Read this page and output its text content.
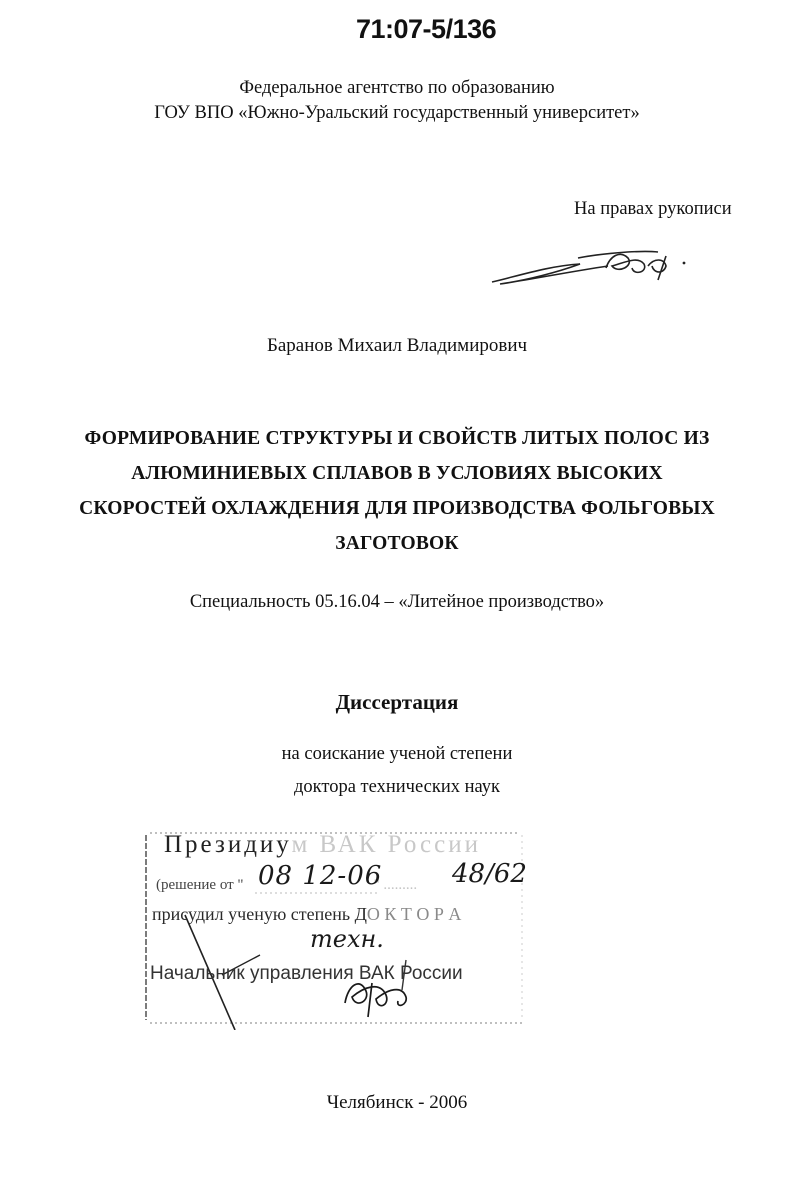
71:07-5/136
Федеральное агентство по образованию
ГОУ ВПО «Южно-Уральский государственный университет»
На правах рукописи
Баранов Михаил Владимирович
ФОРМИРОВАНИЕ СТРУКТУРЫ И СВОЙСТВ ЛИТЫХ ПОЛОС ИЗ
АЛЮМИНИЕВЫХ СПЛАВОВ В УСЛОВИЯХ ВЫСОКИХ
СКОРОСТЕЙ ОХЛАЖДЕНИЯ ДЛЯ ПРОИЗВОДСТВА ФОЛЬГОВЫХ
ЗАГОТОВОК
Специальность 05.16.04 – «Литейное производство»
Диссертация
на соискание ученой степени
доктора технических наук
Президиум ВАК России
(решение от "	" .........
08 12-06	48/62
присудил ученую степень ДО К Т О Р А
техн.
Начальник управления ВАК России
Челябинск - 2006
